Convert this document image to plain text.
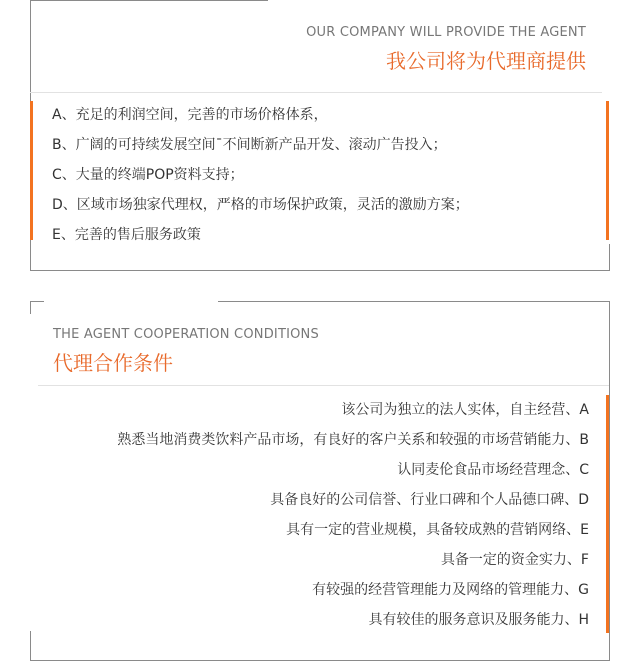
OUR COMPANY WILL PROVIDE THE AGENT
我公司将为代理商提供
A、充足的利润空间，完善的市场价格体系，
B、广阔的可持续发展空间¯不间断新产品开发、滚动广告投入；
C、大量的终端POP资料支持；
D、区域市场独家代理权，严格的市场保护政策，灵活的激励方案；
E、完善的售后服务政策
THE AGENT COOPERATION CONDITIONS
代理合作条件
该公司为独立的法人实体，自主经营、A
熟悉当地消费类饮料产品市场，有良好的客户关系和较强的市场营销能力、B
认同麦伦食品市场经营理念、C
具备良好的公司信誉、行业口碑和个人品德口碑、D
具有一定的营业规模，具备较成熟的营销网络、E
具备一定的资金实力、F
有较强的经营管理能力及网络的管理能力、G
具有较佳的服务意识及服务能力、H
